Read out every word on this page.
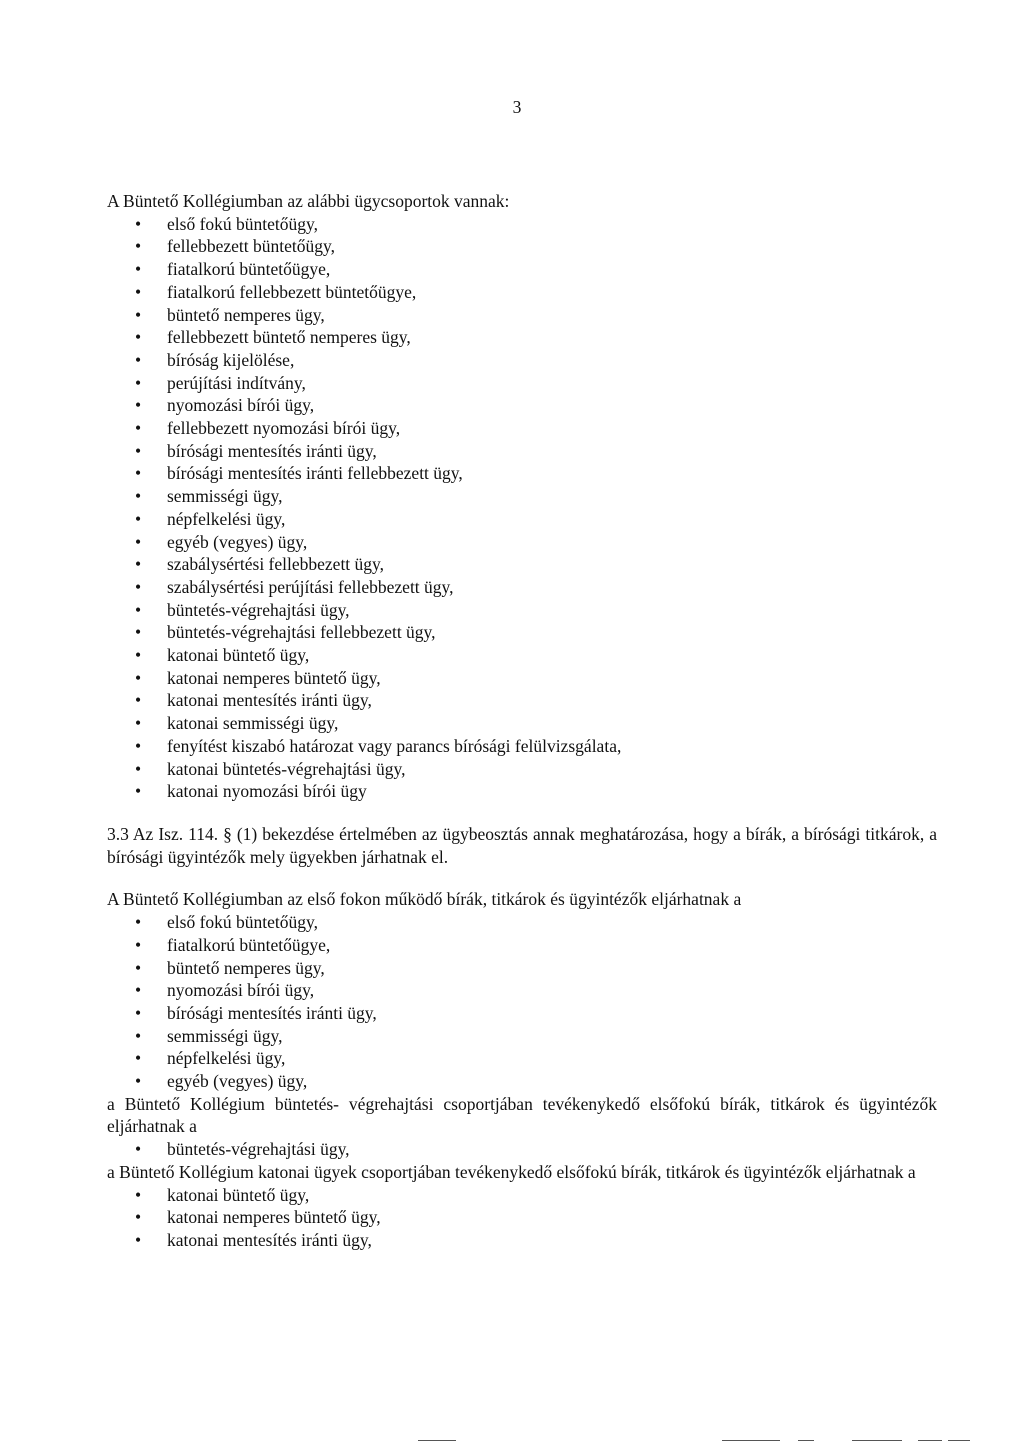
3

A Büntető Kollégiumban az alábbi ügycsoportok vannak:

• első fokú büntetőügy,
• fellebbezett büntetőügy,
• fiatalkorú büntetőügye,
• fiatalkorú fellebbezett büntetőügye,
• büntető nemperes ügy,
• fellebbezett büntető nemperes ügy,
• bíróság kijelölése,
• perújítási indítvány,
• nyomozási bírói ügy,
• fellebbezett nyomozási bírói ügy,
• bírósági mentesítés iránti ügy,
• bírósági mentesítés iránti fellebbezett ügy,
• semmisségi ügy,
• népfelkelési ügy,
• egyéb (vegyes) ügy,
• szabálysértési fellebbezett ügy,
• szabálysértési perújítási fellebbezett ügy,
• büntetés-végrehajtási ügy,
• büntetés-végrehajtási fellebbezett ügy,
• katonai büntető ügy,
• katonai nemperes büntető ügy,
• katonai mentesítés iránti ügy,
• katonai semmisségi ügy,
• fenyítést kiszabó határozat vagy parancs bírósági felülvizsgálata,
• katonai büntetés-végrehajtási ügy,
• katonai nyomozási bírói ügy

3.3 Az Isz. 114. § (1) bekezdése értelmében az ügybeosztás annak meghatározása, hogy a bírák, a bírósági titkárok, a bírósági ügyintézők mely ügyekben járhatnak el.

A Büntető Kollégiumban az első fokon működő bírák, titkárok és ügyintézők eljárhatnak a

• első fokú büntetőügy,
• fiatalkorú büntetőügye,
• büntető nemperes ügy,
• nyomozási bírói ügy,
• bírósági mentesítés iránti ügy,
• semmisségi ügy,
• népfelkelési ügy,
• egyéb (vegyes) ügy,

a Büntető Kollégium büntetés- végrehajtási csoportjában tevékenykedő elsőfokú bírák, titkárok és ügyintézők eljárhatnak a

• büntetés-végrehajtási ügy,

a Büntető Kollégium katonai ügyek csoportjában tevékenykedő elsőfokú bírák, titkárok és ügyintézők eljárhatnak a

• katonai büntető ügy,
• katonai nemperes büntető ügy,
• katonai mentesítés iránti ügy,
